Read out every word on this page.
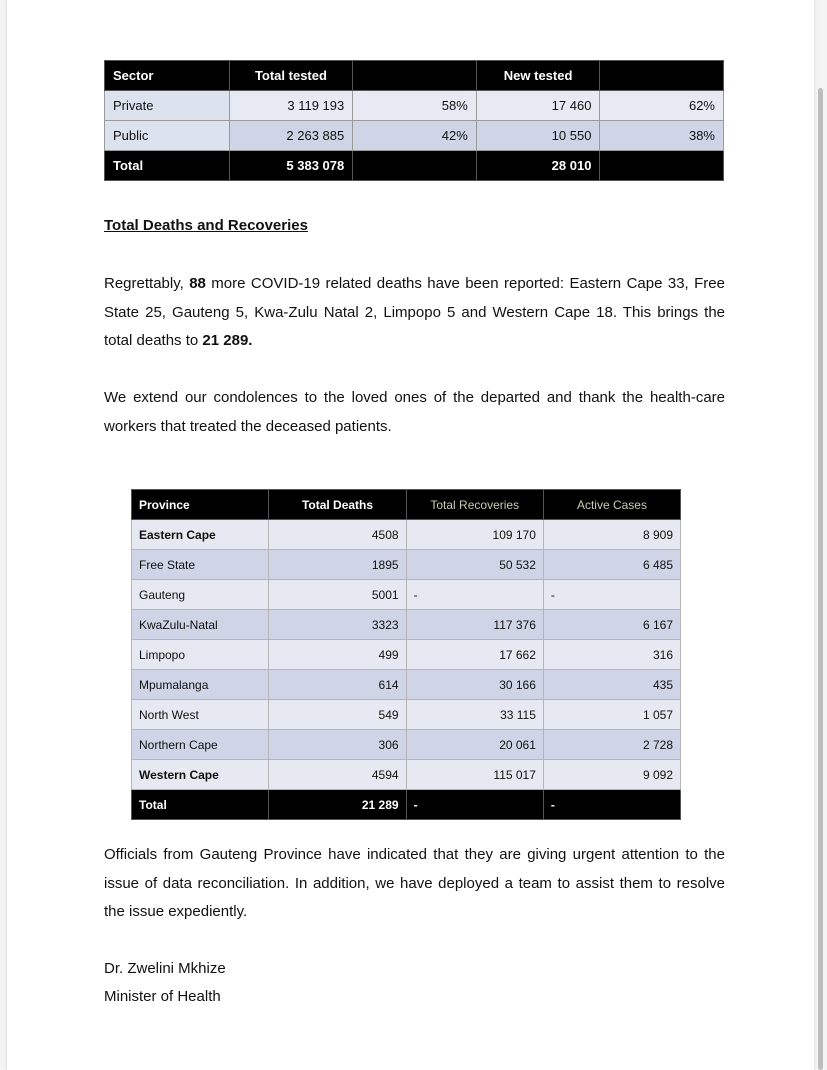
Sector	Total tested		New tested	
Private	3 119 193	58%	17 460	62%
Public	2 263 885	42%	10 550	38%
Total	5 383 078		28 010	
Total Deaths and Recoveries

Regrettably, 88 more COVID-19 related deaths have been reported: Eastern Cape 33, Free State 25, Gauteng 5, Kwa-Zulu Natal 2, Limpopo 5 and Western Cape 18. This brings the total deaths to 21 289.

We extend our condolences to the loved ones of the departed and thank the health-care workers that treated the deceased patients.

Province	Total Deaths	Total Recoveries	Active Cases
Eastern Cape	4508	109 170	8 909
Free State	1895	50 532	6 485
Gauteng	5001	-	-
KwaZulu-Natal	3323	117 376	6 167
Limpopo	499	17 662	316
Mpumalanga	614	30 166	435
North West	549	33 115	1 057
Northern Cape	306	20 061	2 728
Western Cape	4594	115 017	9 092
Total	21 289	-	-

Officials from Gauteng Province have indicated that they are giving urgent attention to the issue of data reconciliation. In addition, we have deployed a team to assist them to resolve the issue expediently.

Dr. Zwelini Mkhize
Minister of Health
